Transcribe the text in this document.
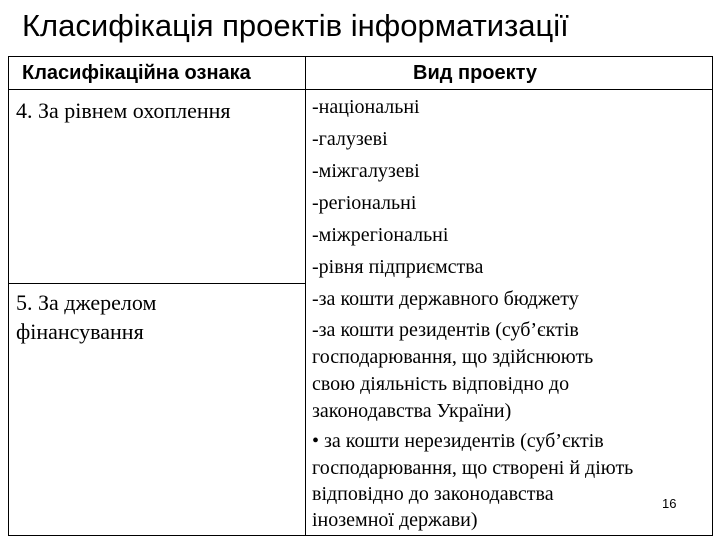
Класифікація проектів інформатизації
Класифікаційна ознака	Вид проекту
4. За рівнем охоплення	-національні
-галузеві
-міжгалузеві
-регіональні
-міжрегіональні
-рівня підприємства
5. За джерелом
фінансування
-за кошти державного бюджету
-за кошти резидентів (суб’єктів
господарювання, що здійснюють
свою діяльність відповідно до
законодавства України)
• за кошти нерезидентів (суб’єктів
господарювання, що створені й діють
відповідно до законодавства
іноземної держави)
16
